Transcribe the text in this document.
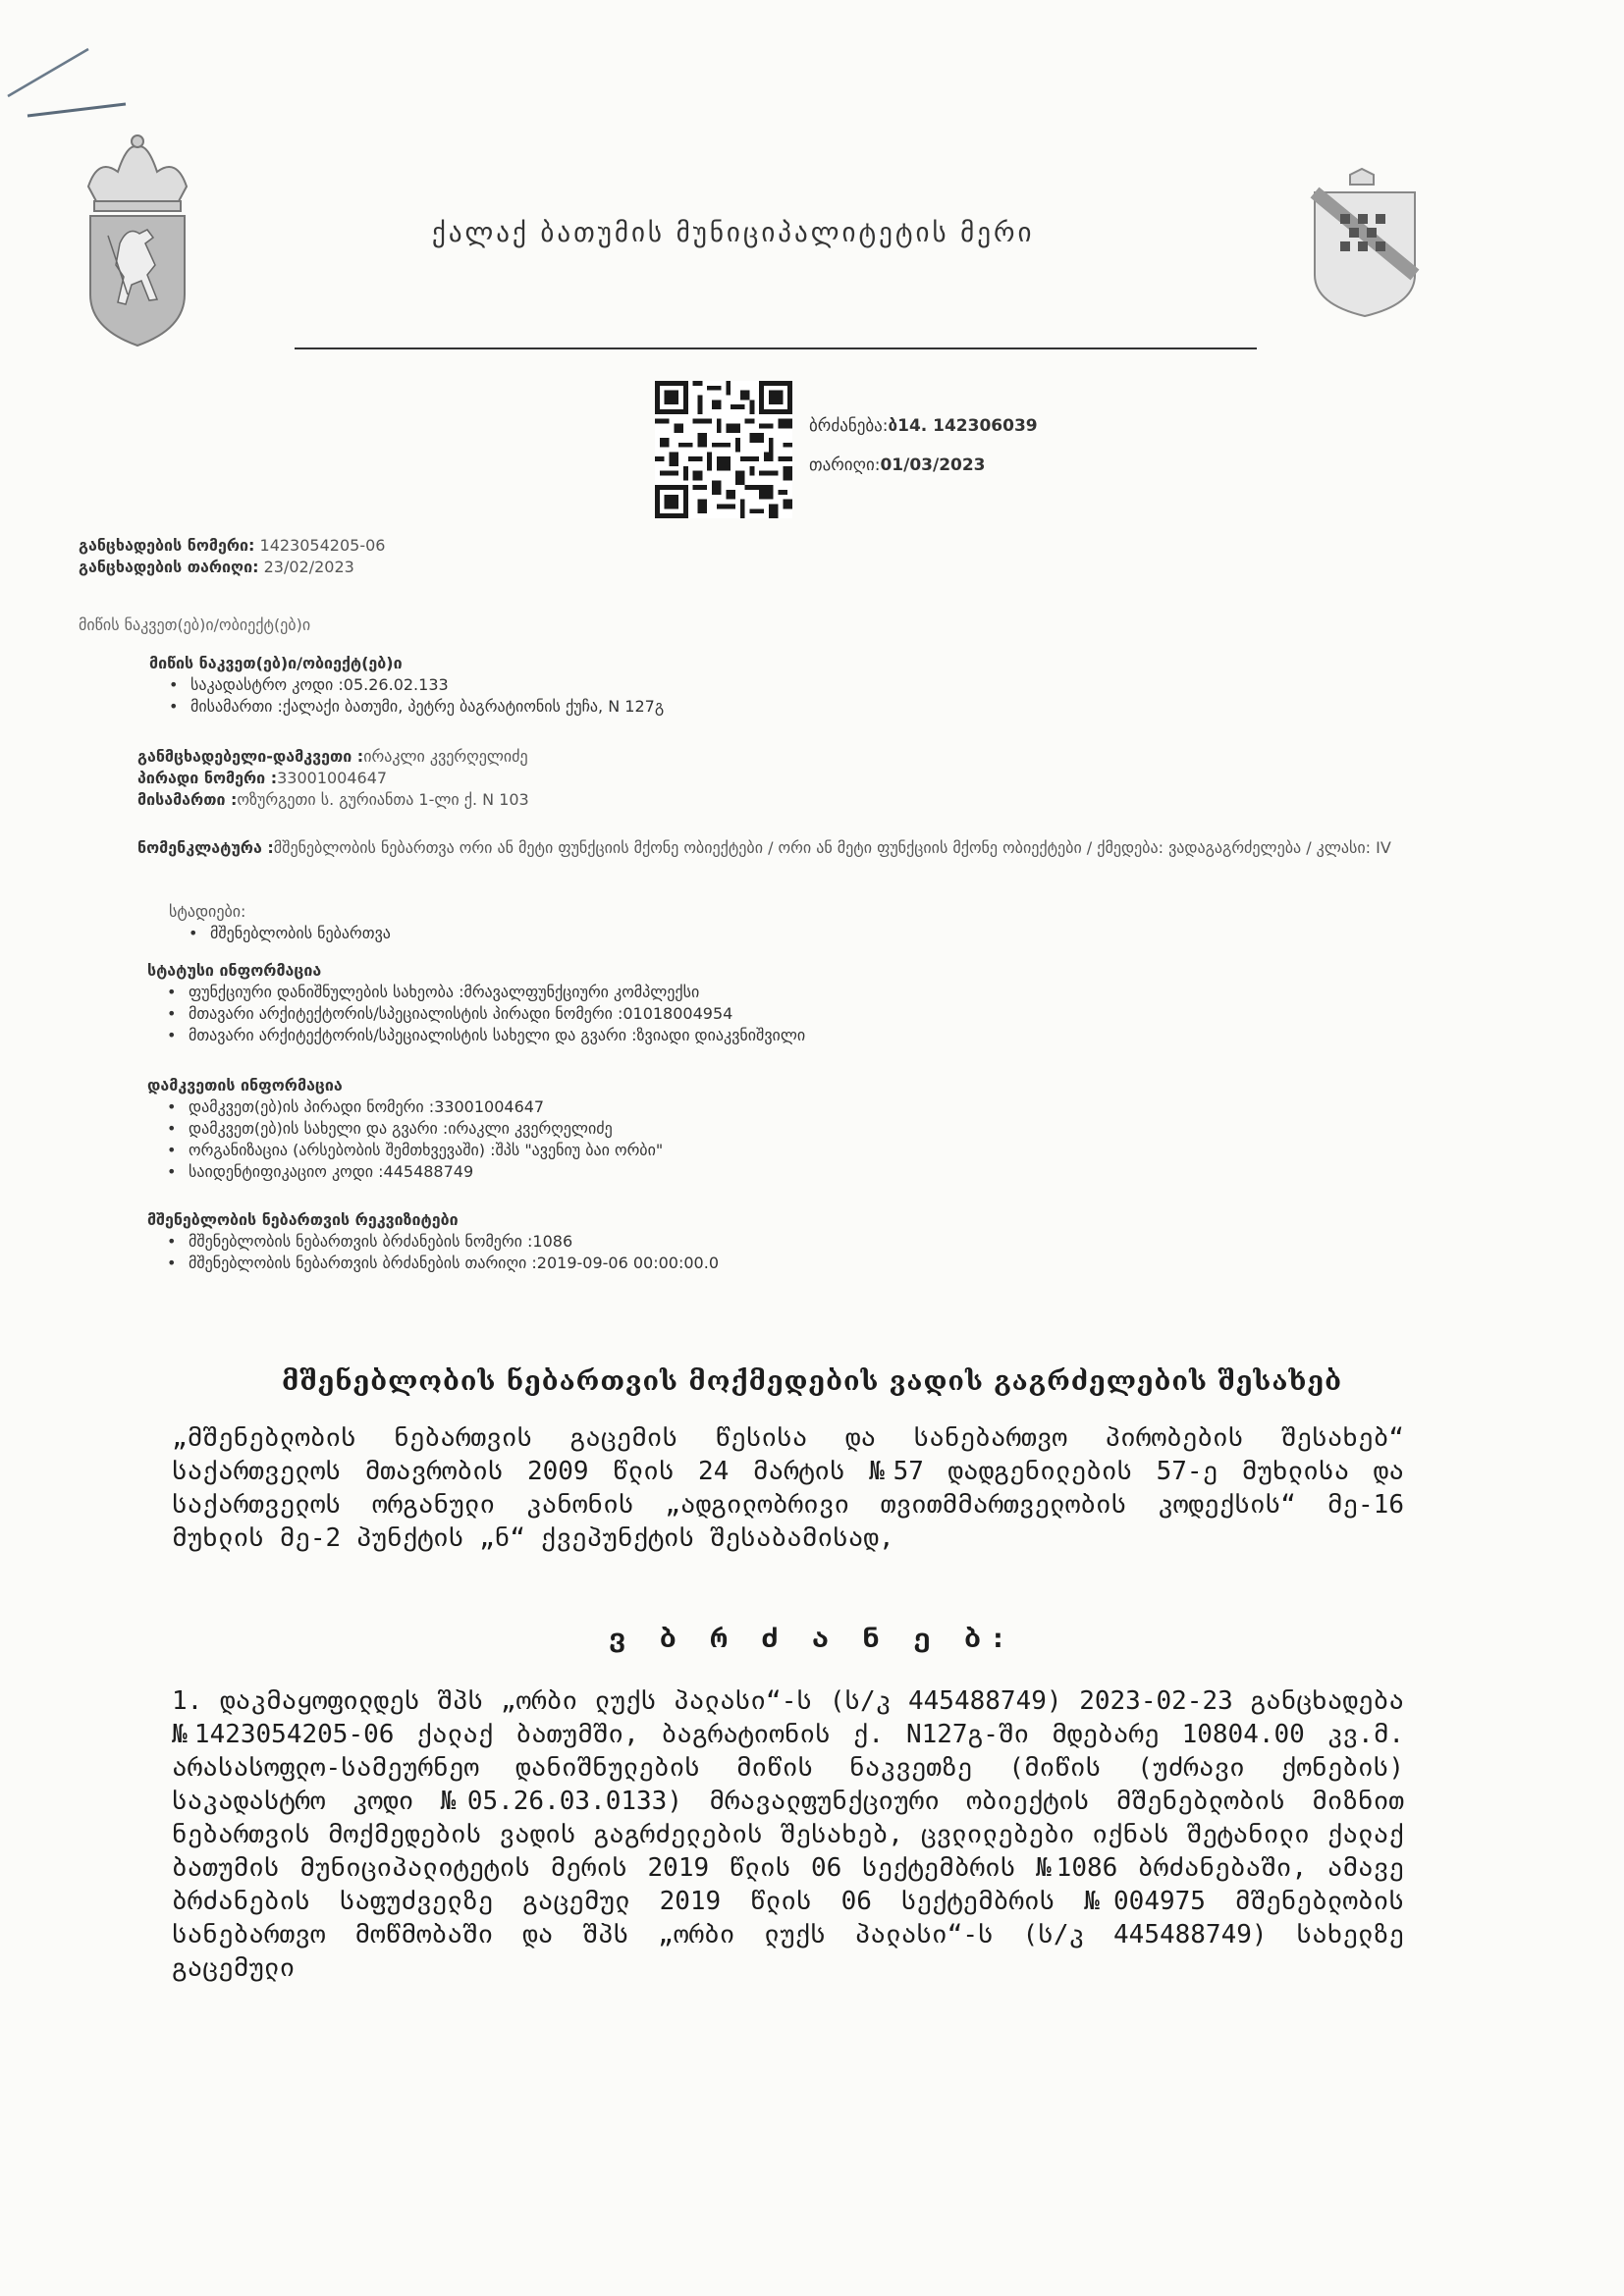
ქალაქ ბათუმის მუნიციპალიტეტის მერი
ბრძანება:ბ14. 142306039
თარიღი:01/03/2023
განცხადების ნომერი: 1423054205-06
განცხადების თარიღი: 23/02/2023
მიწის ნაკვეთ(ებ)ი/ობიექტ(ებ)ი
მიწის ნაკვეთ(ებ)ი/ობიექტ(ებ)ი
• საკადასტრო კოდი :05.26.02.133
• მისამართი :ქალაქი ბათუმი, პეტრე ბაგრატიონის ქუჩა, N 127გ
განმცხადებელი-დამკვეთი :ირაკლი კვერღელიძე
პირადი ნომერი :33001004647
მისამართი :ოზურგეთი ს. გურიანთა 1-ლი ქ. N 103
ნომენკლატურა :მშენებლობის ნებართვა ორი ან მეტი ფუნქციის მქონე ობიექტები / ორი ან მეტი ფუნქციის მქონე ობიექტები / ქმედება: ვადაგაგრძელება / კლასი: IV
სტადიები:
• მშენებლობის ნებართვა
სტატუსი ინფორმაცია
• ფუნქციური დანიშნულების სახეობა :მრავალფუნქციური კომპლექსი
• მთავარი არქიტექტორის/სპეციალისტის პირადი ნომერი :01018004954
• მთავარი არქიტექტორის/სპეციალისტის სახელი და გვარი :ზვიადი დიაკვნიშვილი
დამკვეთის ინფორმაცია
• დამკვეთ(ებ)ის პირადი ნომერი :33001004647
• დამკვეთ(ებ)ის სახელი და გვარი :ირაკლი კვერღელიძე
• ორგანიზაცია (არსებობის შემთხვევაში) :შპს "ავენიუ ბაი ორბი"
• საიდენტიფიკაციო კოდი :445488749
მშენებლობის ნებართვის რეკვიზიტები
• მშენებლობის ნებართვის ბრძანების ნომერი :1086
• მშენებლობის ნებართვის ბრძანების თარიღი :2019-09-06 00:00:00.0
მშენებლობის ნებართვის მოქმედების ვადის გაგრძელების შესახებ
„მშენებლობის ნებართვის გაცემის წესისა და სანებართვო პირობების შესახებ“ საქართველოს მთავრობის 2009 წლის 24 მარტის №57 დადგენილების 57-ე მუხლისა და საქართველოს ორგანული კანონის „ადგილობრივი თვითმმართველობის კოდექსის“ მე-16 მუხლის მე-2 პუნქტის „ნ“ ქვეპუნქტის შესაბამისად,
ვ ბ რ ძ ა ნ ე ბ:
1. დაკმაყოფილდეს შპს „ორბი ლუქს პალასი“-ს (ს/კ 445488749) 2023-02-23 განცხადება №1423054205-06 ქალაქ ბათუმში, ბაგრატიონის ქ. N127გ-ში მდებარე 10804.00 კვ.მ. არასასოფლო-სამეურნეო დანიშნულების მიწის ნაკვეთზე (მიწის (უძრავი ქონების) საკადასტრო კოდი №05.26.03.0133) მრავალფუნქციური ობიექტის მშენებლობის მიზნით ნებართვის მოქმედების ვადის გაგრძელების შესახებ, ცვლილებები იქნას შეტანილი ქალაქ ბათუმის მუნიციპალიტეტის მერის 2019 წლის 06 სექტემბრის №1086 ბრძანებაში, ამავე ბრძანების საფუძველზე გაცემულ 2019 წლის 06 სექტემბრის №004975 მშენებლობის სანებართვო მოწმობაში და შპს „ორბი ლუქს პალასი“-ს (ს/კ 445488749) სახელზე გაცემული
